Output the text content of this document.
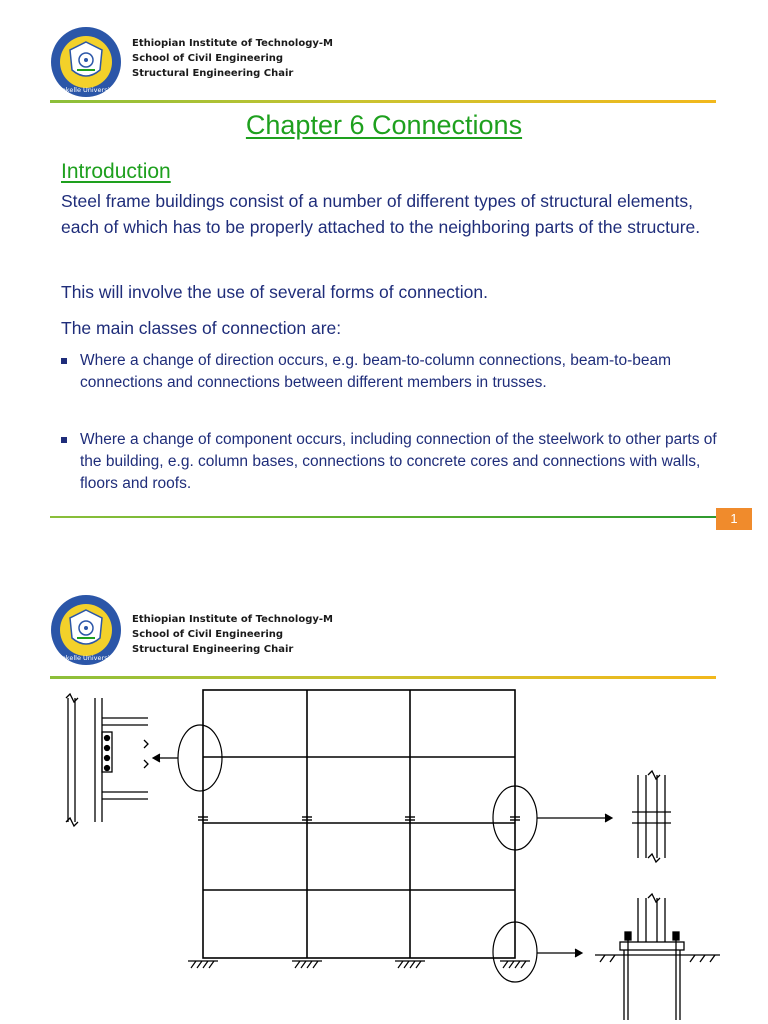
Mekelle University
Ethiopian Institute of Technology-M
School of Civil Engineering
Structural Engineering Chair
Chapter 6 Connections
Introduction
Steel frame buildings consist of a number of different types of structural elements, each of which has to be properly attached to the neighboring parts of the structure.
This will involve the use of several forms of connection.
The main classes of connection are:
Where a change of direction occurs, e.g. beam-to-column connections, beam-to-beam connections and connections between different members in trusses.
Where a change of component occurs, including connection of the steelwork to other parts of the building, e.g. column bases, connections to concrete cores and connections with walls, floors and roofs.
1
Mekelle University
Ethiopian Institute of Technology-M
School of Civil Engineering
Structural Engineering Chair
